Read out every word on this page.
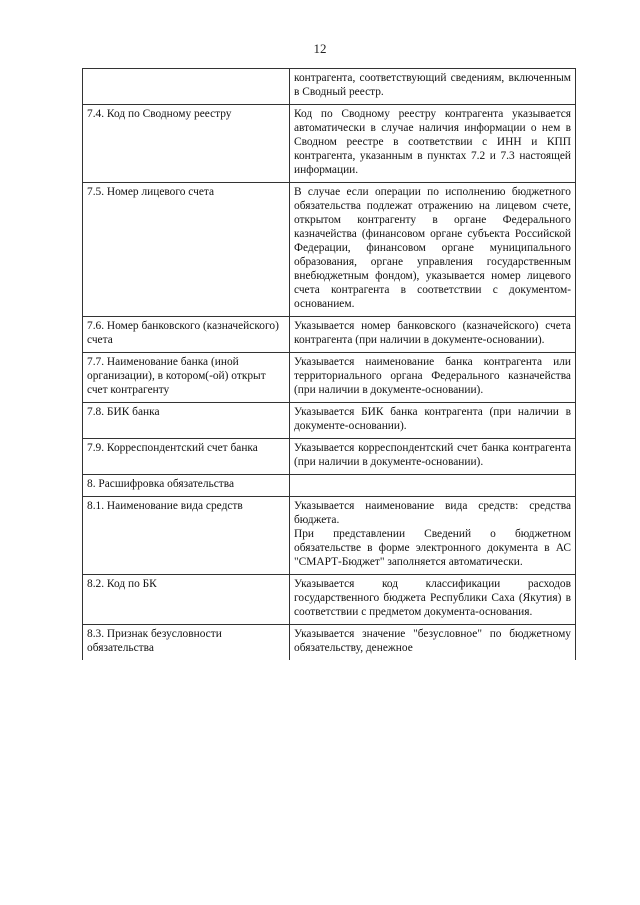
12

	контрагента, соответствующий сведениям, включенным в Сводный реестр.

7.4. Код по Сводному реестру	Код по Сводному реестру контрагента указывается автоматически в случае наличия информации о нем в Сводном реестре в соответствии с ИНН и КПП контрагента, указанным в пунктах 7.2 и 7.3 настоящей информации.

7.5. Номер лицевого счета	В случае если операции по исполнению бюджетного обязательства подлежат отражению на лицевом счете, открытом контрагенту в органе Федерального казначейства (финансовом органе субъекта Российской Федерации, финансовом органе муниципального образования, органе управления государственным внебюджетным фондом), указывается номер лицевого счета контрагента в соответствии с документом-основанием.

7.6. Номер банковского (казначейского) счета	Указывается номер банковского (казначейского) счета контрагента (при наличии в документе-основании).

7.7. Наименование банка (иной организации), в котором(-ой) открыт счет контрагенту	Указывается наименование банка контрагента или территориального органа Федерального казначейства (при наличии в документе-основании).

7.8. БИК банка	Указывается БИК банка контрагента (при наличии в документе-основании).

7.9. Корреспондентский счет банка	Указывается корреспондентский счет банка контрагента (при наличии в документе-основании).

8. Расшифровка обязательства	
8.1. Наименование вида средств	Указывается наименование вида средств: средства бюджета.
При представлении Сведений о бюджетном обязательстве в форме электронного документа в АС "СМАРТ-Бюджет" заполняется автоматически.

8.2. Код по БК	Указывается код классификации расходов государственного бюджета Республики Саха (Якутия) в соответствии с предметом документа-основания.

8.3. Признак безусловности обязательства	Указывается значение "безусловное" по бюджетному обязательству, денежное
